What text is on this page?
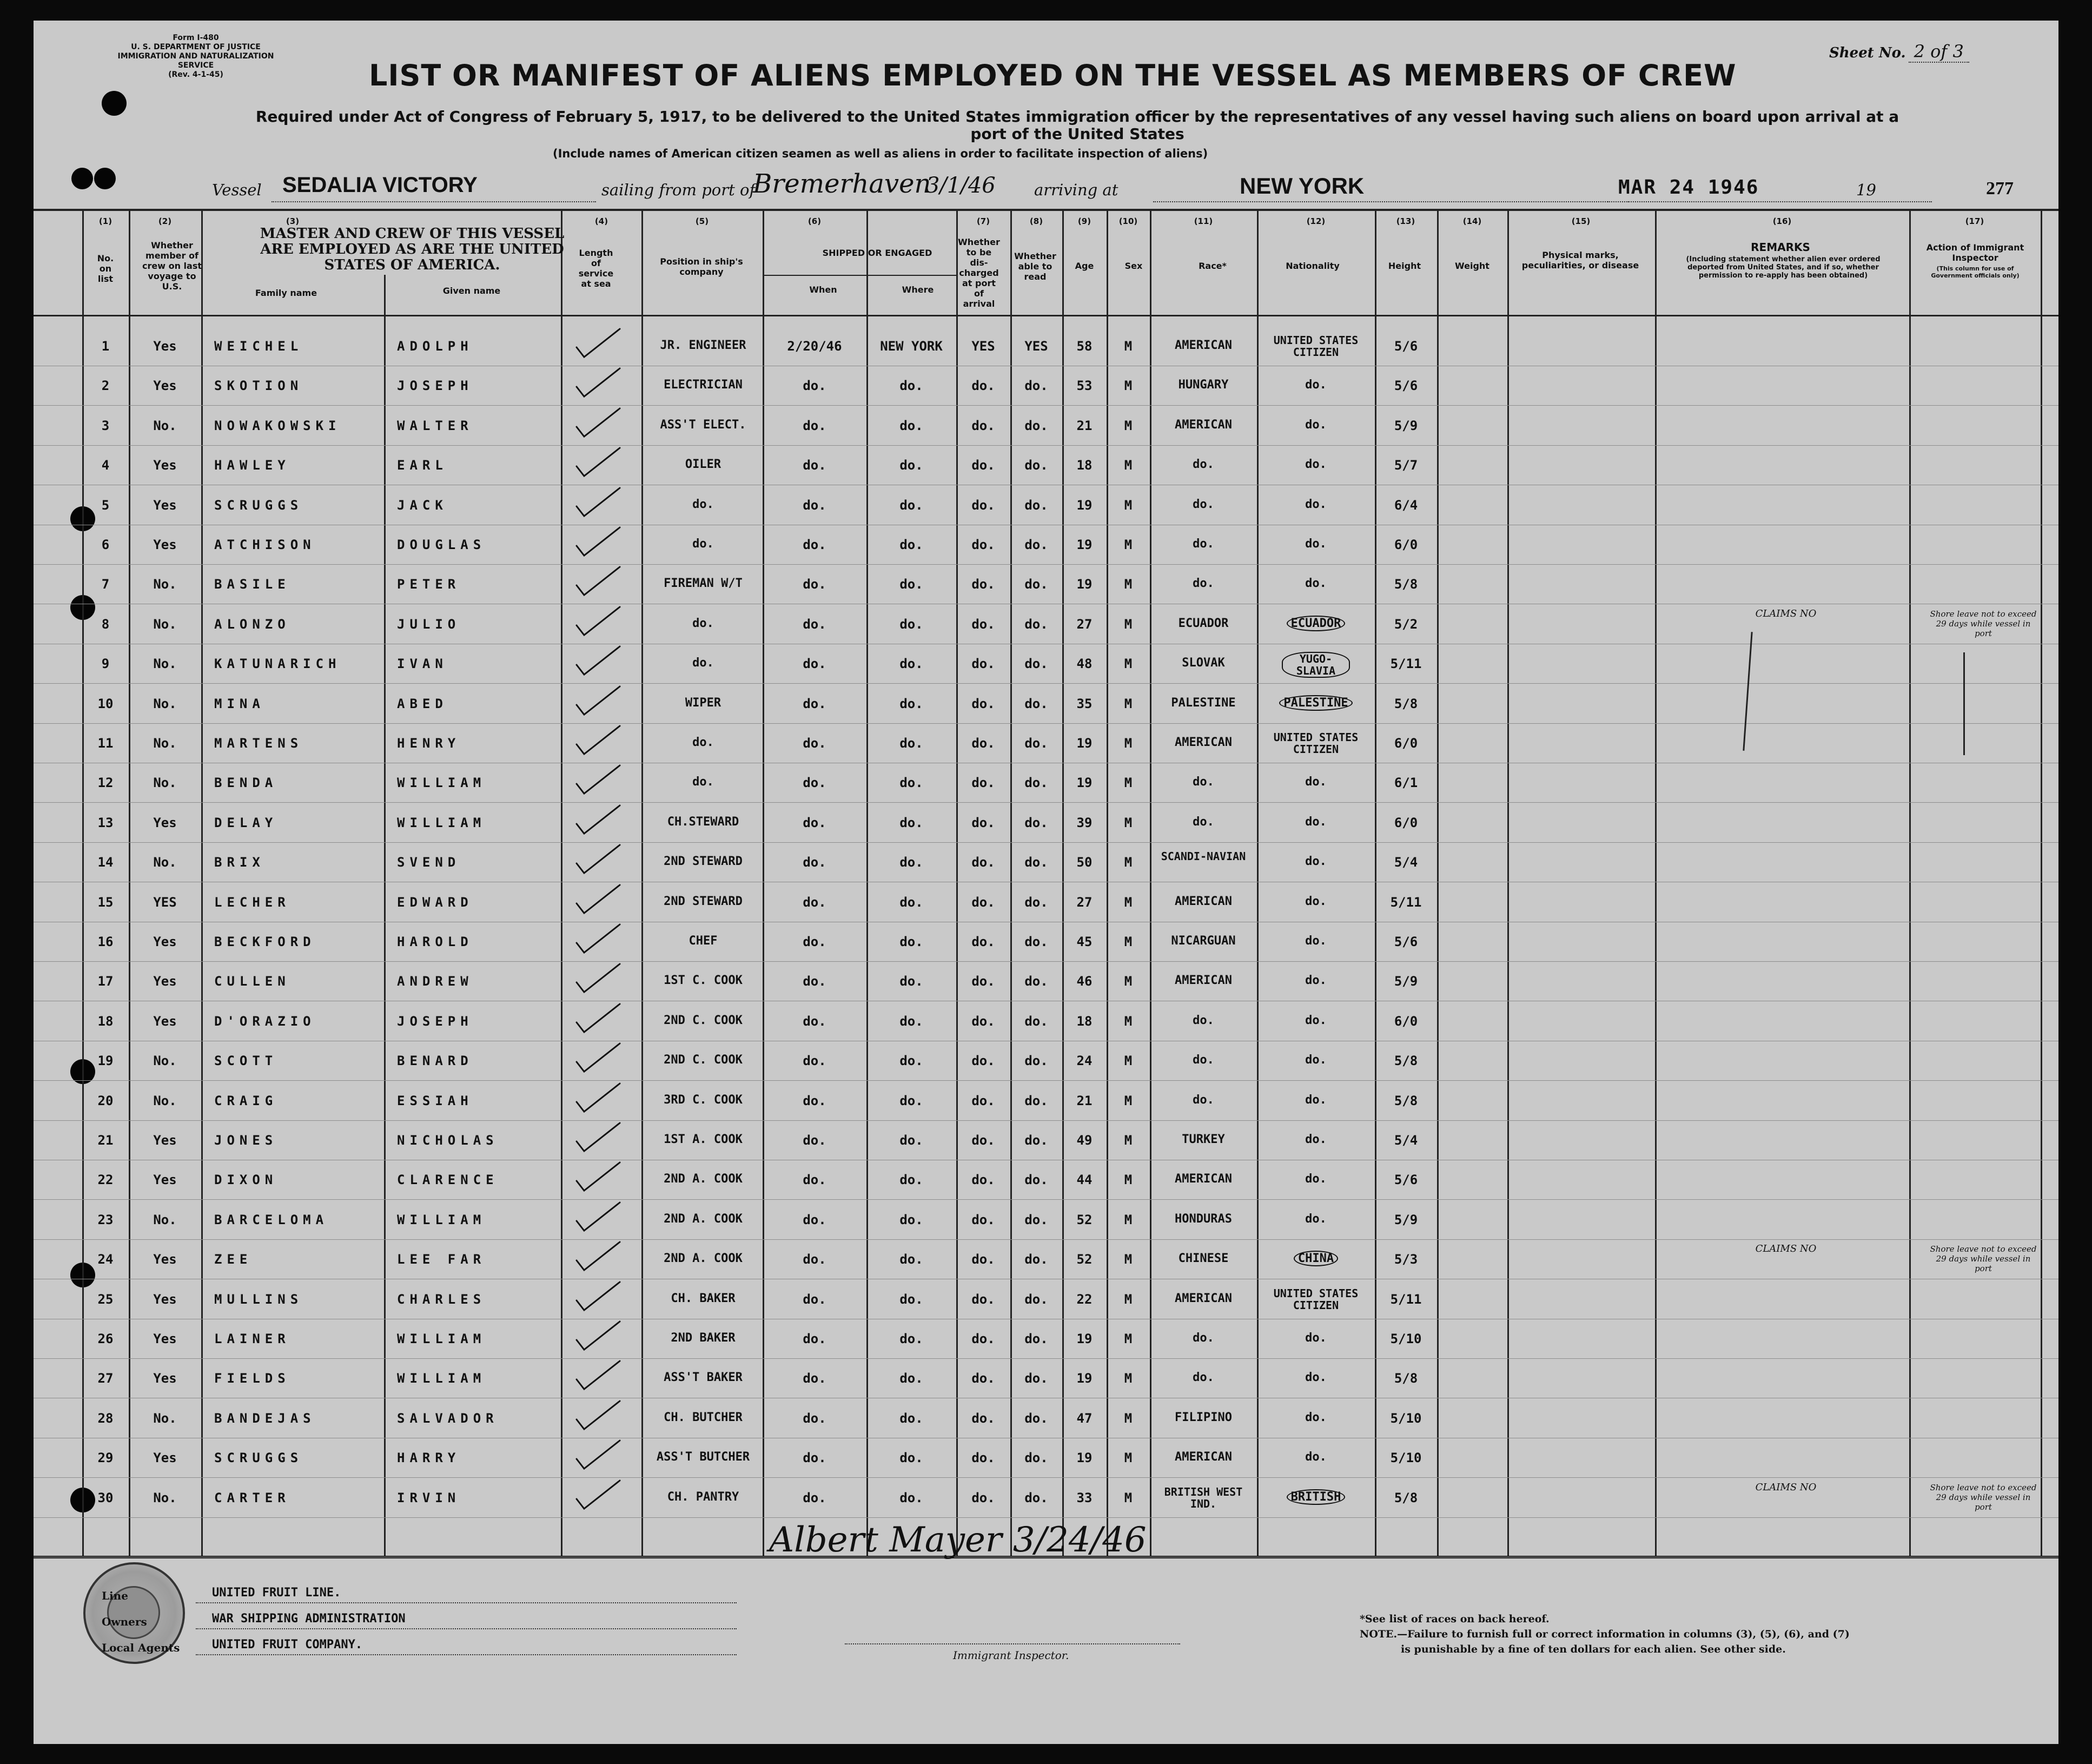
Form I-480
U. S. DEPARTMENT OF JUSTICE
IMMIGRATION AND NATURALIZATION SERVICE
(Rev. 4-1-45)
Sheet No. 2 of 3
LIST OR MANIFEST OF ALIENS EMPLOYED ON THE VESSEL AS MEMBERS OF CREW
Required under Act of Congress of February 5, 1917, to be delivered to the United States immigration officer by the representatives of any vessel having such aliens on board upon arrival at a
port of the United States
(Include names of American citizen seamen as well as aliens in order to facilitate inspection of aliens)
Vessel SEDALIA VICTORY	sailing from port of
Bremerhaven
3/1/46 arriving at	NEW YORK	MAR 24 1946	19	277
(1)	(2)	(3)	(4)	(5)	(6)	(7)	(8)	(9)	(10)	(11)	(12)	(13)	(14)	(15)	(16)	(17)
No. on list
Whether member of crew on last voyage to U.S.
MASTER AND CREW OF THIS VESSEL ARE EMPLOYED AS ARE THE UNITED STATES OF AMERICA.
Family name	Given name
Length of service at sea
Position in ship's company
SHIPPED OR ENGAGED
When	Where
Whether to be dis-charged at port of arrival
Whether able to read
Age	Sex	Race*	Nationality	Height	Weight
Physical marks, peculiarities, or disease
REMARKS
(Including statement whether alien ever ordered deported from United States, and if so, whether permission to re-apply has been obtained)
Action of Immigrant Inspector
(This column for use of Government officials only)
1	Yes	WEICHEL	ADOLPH	JR. ENGINEER	2/20/46	NEW YORK	YES	YES	58	M	AMERICAN	UNITED STATES CITIZEN	5/6
2	Yes	SKOTION	JOSEPH	ELECTRICIAN	do.	do.	do.	do.	53	M	HUNGARY	do.	5/6
3	No.	NOWAKOWSKI	WALTER	ASS'T ELECT.	do.	do.	do.	do.	21	M	AMERICAN	do.	5/9
4	Yes	HAWLEY	EARL	OILER	do.	do.	do.	do.	18	M	do.	do.	5/7
5	Yes	SCRUGGS	JACK	do.	do.	do.	do.	do.	19	M	do.	do.	6/4
6	Yes	ATCHISON	DOUGLAS	do.	do.	do.	do.	do.	19	M	do.	do.	6/0
7	No.	BASILE	PETER	FIREMAN W/T	do.	do.	do.	do.	19	M	do.	do.	5/8
8	No.	ALONZO	JULIO	do.	do.	do.	do.	do.	27	M	ECUADOR	ECUADOR	5/2
CLAIMS NO	Shore leave not to exceed 29 days while vessel in port
9	No.	KATUNARICH	IVAN	do.	do.	do.	do.	do.	48	M	SLOVAK	YUGO-SLAVIA	5/11
10	No.	MINA	ABED	WIPER	do.	do.	do.	do.	35	M	PALESTINE	PALESTINE	5/8
11	No.	MARTENS	HENRY	do.	do.	do.	do.	do.	19	M	AMERICAN	UNITED STATES CITIZEN	6/0
12	No.	BENDA	WILLIAM	do.	do.	do.	do.	do.	19	M	do.	do.	6/1
13	Yes	DELAY	WILLIAM	CH.STEWARD	do.	do.	do.	do.	39	M	do.	do.	6/0
14	No.	BRIX	SVEND	2ND STEWARD	do.	do.	do.	do.	50	M	SCANDI-NAVIAN	do.	5/4
15	YES	LECHER	EDWARD	2ND STEWARD	do.	do.	do.	do.	27	M	AMERICAN	do.	5/11
16	Yes	BECKFORD	HAROLD	CHEF	do.	do.	do.	do.	45	M	NICARGUAN	do.	5/6
17	Yes	CULLEN	ANDREW	1ST C. COOK	do.	do.	do.	do.	46	M	AMERICAN	do.	5/9
18	Yes	D'ORAZIO	JOSEPH	2ND C. COOK	do.	do.	do.	do.	18	M	do.	do.	6/0
19	No.	SCOTT	BENARD	2ND C. COOK	do.	do.	do.	do.	24	M	do.	do.	5/8
20	No.	CRAIG	ESSIAH	3RD C. COOK	do.	do.	do.	do.	21	M	do.	do.	5/8
21	Yes	JONES	NICHOLAS	1ST A. COOK	do.	do.	do.	do.	49	M	TURKEY	do.	5/4
22	Yes	DIXON	CLARENCE	2ND A. COOK	do.	do.	do.	do.	44	M	AMERICAN	do.	5/6
23	No.	BARCELOMA	WILLIAM	2ND A. COOK	do.	do.	do.	do.	52	M	HONDURAS	do.	5/9
24	Yes	ZEE	LEE FAR	2ND A. COOK	do.	do.	do.	do.	52	M	CHINESE	CHINA	5/3
CLAIMS NO	Shore leave not to exceed 29 days while vessel in port
25	Yes	MULLINS	CHARLES	CH. BAKER	do.	do.	do.	do.	22	M	AMERICAN	UNITED STATES CITIZEN	5/11
26	Yes	LAINER	WILLIAM	2ND BAKER	do.	do.	do.	do.	19	M	do.	do.	5/10
27	Yes	FIELDS	WILLIAM	ASS'T BAKER	do.	do.	do.	do.	19	M	do.	do.	5/8
28	No.	BANDEJAS	SALVADOR	CH. BUTCHER	do.	do.	do.	do.	47	M	FILIPINO	do.	5/10
29	Yes	SCRUGGS	HARRY	ASS'T BUTCHER	do.	do.	do.	do.	19	M	AMERICAN	do.	5/10
30	No.	CARTER	IRVIN	CH. PANTRY	do.	do.	do.	do.	33	M	BRITISH WEST IND.	BRITISH	5/8
CLAIMS NO	Shore leave not to exceed 29 days while vessel in port
Albert Mayer 3/24/46
Line	UNITED FRUIT LINE.
Owners	WAR SHIPPING ADMINISTRATION
Local Agents	UNITED FRUIT COMPANY.
Immigrant Inspector.
*See list of races on back hereof.
NOTE.—Failure to furnish full or correct information in columns (3), (5), (6), and (7)
is punishable by a fine of ten dollars for each alien. See other side.
